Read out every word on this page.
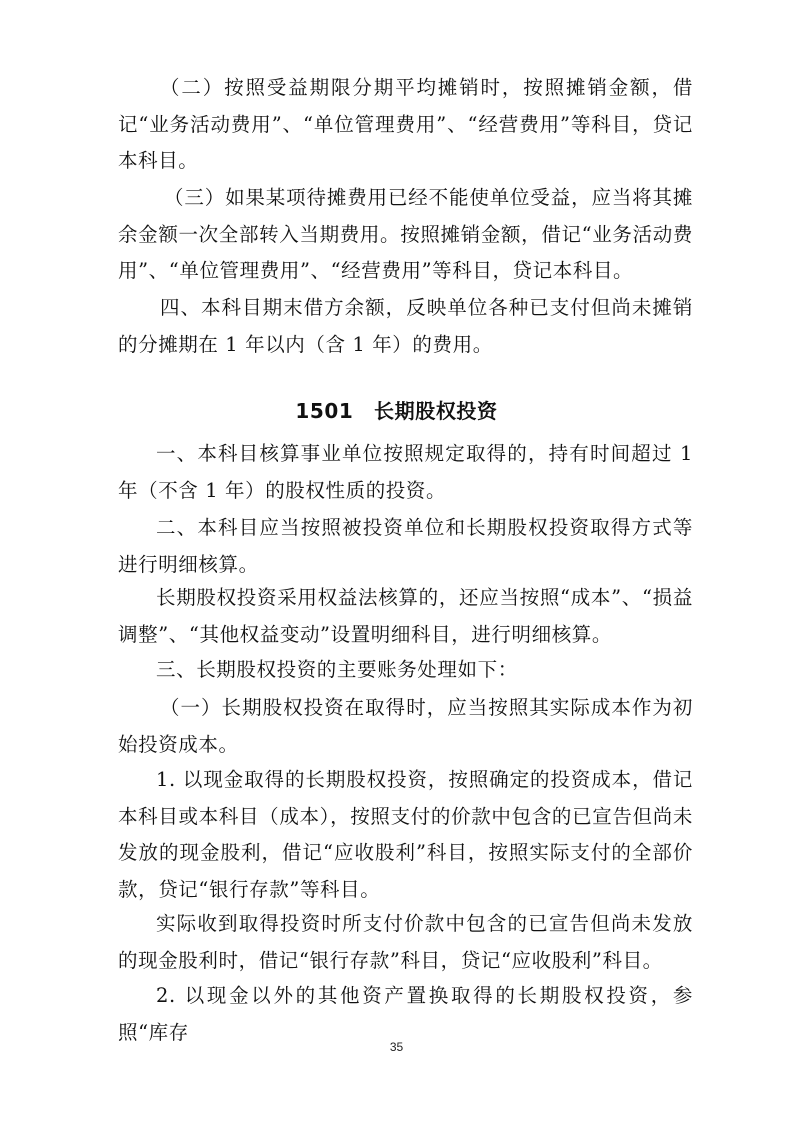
（二）按照受益期限分期平均摊销时，按照摊销金额，借记“业务活动费用”、“单位管理费用”、“经营费用”等科目，贷记本科目。

（三）如果某项待摊费用已经不能使单位受益，应当将其摊余金额一次全部转入当期费用。按照摊销金额，借记“业务活动费用”、“单位管理费用”、“经营费用”等科目，贷记本科目。

四、本科目期末借方余额，反映单位各种已支付但尚未摊销的分摊期在 1 年以内（含 1 年）的费用。

1501　长期股权投资

一、本科目核算事业单位按照规定取得的，持有时间超过 1 年（不含 1 年）的股权性质的投资。

二、本科目应当按照被投资单位和长期股权投资取得方式等进行明细核算。

长期股权投资采用权益法核算的，还应当按照“成本”、“损益调整”、“其他权益变动”设置明细科目，进行明细核算。

三、长期股权投资的主要账务处理如下：

（一）长期股权投资在取得时，应当按照其实际成本作为初始投资成本。

1. 以现金取得的长期股权投资，按照确定的投资成本，借记本科目或本科目（成本），按照支付的价款中包含的已宣告但尚未发放的现金股利，借记“应收股利”科目，按照实际支付的全部价款，贷记“银行存款”等科目。

实际收到取得投资时所支付价款中包含的已宣告但尚未发放的现金股利时，借记“银行存款”科目，贷记“应收股利”科目。

2. 以现金以外的其他资产置换取得的长期股权投资，参照“库存

35
